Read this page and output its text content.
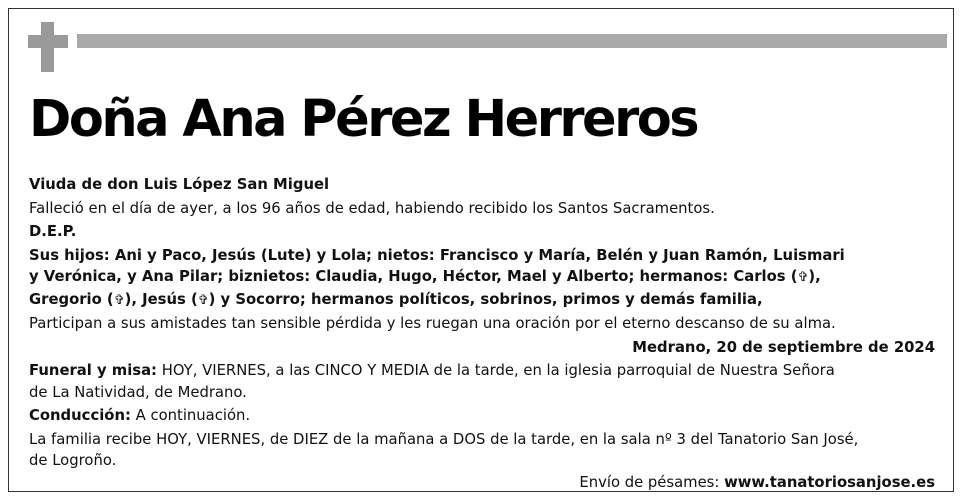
Doña Ana Pérez Herreros

Viuda de don Luis López San Miguel

Falleció en el día de ayer, a los 96 años de edad, habiendo recibido los Santos Sacramentos.

D.E.P.

Sus hijos: Ani y Paco, Jesús (Lute) y Lola; nietos: Francisco y María, Belén y Juan Ramón, Luismari
y Verónica, y Ana Pilar; biznietos: Claudia, Hugo, Héctor, Mael y Alberto; hermanos: Carlos (✞),
Gregorio (✞), Jesús (✞) y Socorro; hermanos políticos, sobrinos, primos y demás familia,

Participan a sus amistades tan sensible pérdida y les ruegan una oración por el eterno descanso de su alma.

Medrano, 20 de septiembre de 2024

Funeral y misa: HOY, VIERNES, a las CINCO Y MEDIA de la tarde, en la iglesia parroquial de Nuestra Señora
de La Natividad, de Medrano.

Conducción: A continuación.

La familia recibe HOY, VIERNES, de DIEZ de la mañana a DOS de la tarde, en la sala nº 3 del Tanatorio San José,
de Logroño.

Envío de pésames: www.tanatoriosanjose.es
